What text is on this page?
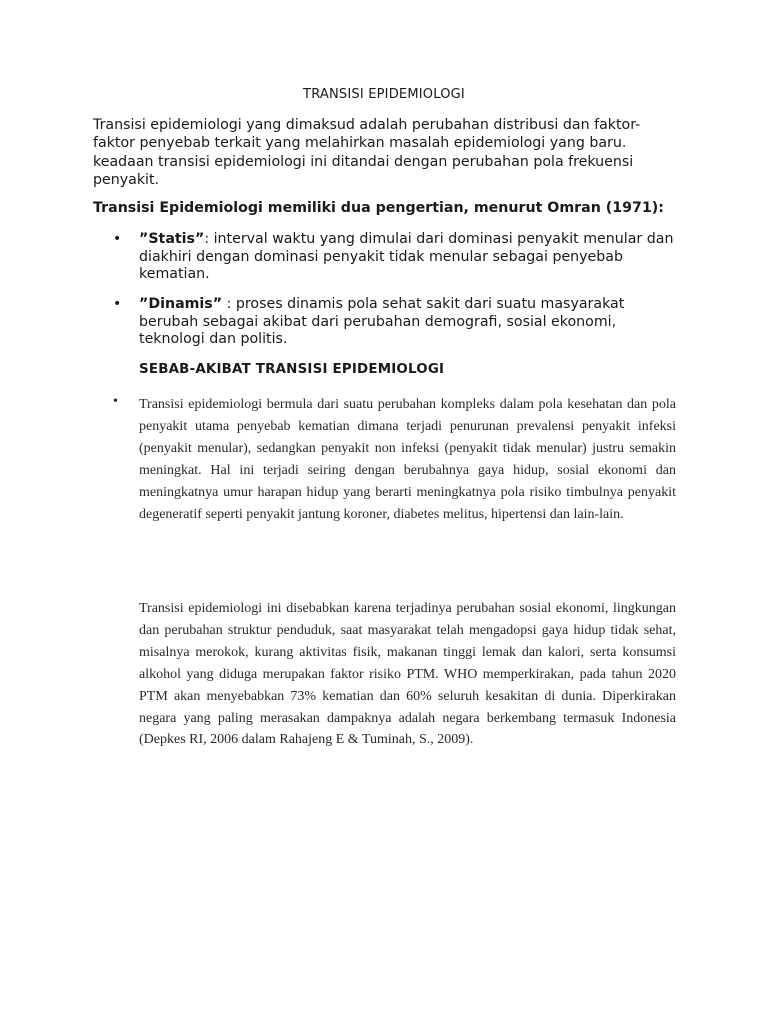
TRANSISI EPIDEMIOLOGI

Transisi epidemiologi yang dimaksud adalah perubahan distribusi dan faktor-faktor penyebab terkait yang melahirkan masalah epidemiologi yang baru. keadaan transisi epidemiologi ini ditandai dengan perubahan pola frekuensi penyakit.

Transisi Epidemiologi memiliki dua pengertian, menurut Omran (1971):

• ”Statis”: interval waktu yang dimulai dari dominasi penyakit menular dan diakhiri dengan dominasi penyakit tidak menular sebagai penyebab kematian.

• ”Dinamis” : proses dinamis pola sehat sakit dari suatu masyarakat berubah sebagai akibat dari perubahan demografi, sosial ekonomi, teknologi dan politis.

SEBAB-AKIBAT TRANSISI EPIDEMIOLOGI

• Transisi epidemiologi bermula dari suatu perubahan kompleks dalam pola kesehatan dan pola penyakit utama penyebab kematian dimana terjadi penurunan prevalensi penyakit infeksi (penyakit menular), sedangkan penyakit non infeksi (penyakit tidak menular) justru semakin meningkat. Hal ini terjadi seiring dengan berubahnya gaya hidup, sosial ekonomi dan meningkatnya umur harapan hidup yang berarti meningkatnya pola risiko timbulnya penyakit degeneratif seperti penyakit jantung koroner, diabetes melitus, hipertensi dan lain-lain.

Transisi epidemiologi ini disebabkan karena terjadinya perubahan sosial ekonomi, lingkungan dan perubahan struktur penduduk, saat masyarakat telah mengadopsi gaya hidup tidak sehat, misalnya merokok, kurang aktivitas fisik, makanan tinggi lemak dan kalori, serta konsumsi alkohol yang diduga merupakan faktor risiko PTM. WHO memperkirakan, pada tahun 2020 PTM akan menyebabkan 73% kematian dan 60% seluruh kesakitan di dunia. Diperkirakan negara yang paling merasakan dampaknya adalah negara berkembang termasuk Indonesia (Depkes RI, 2006 dalam Rahajeng E & Tuminah, S., 2009).
